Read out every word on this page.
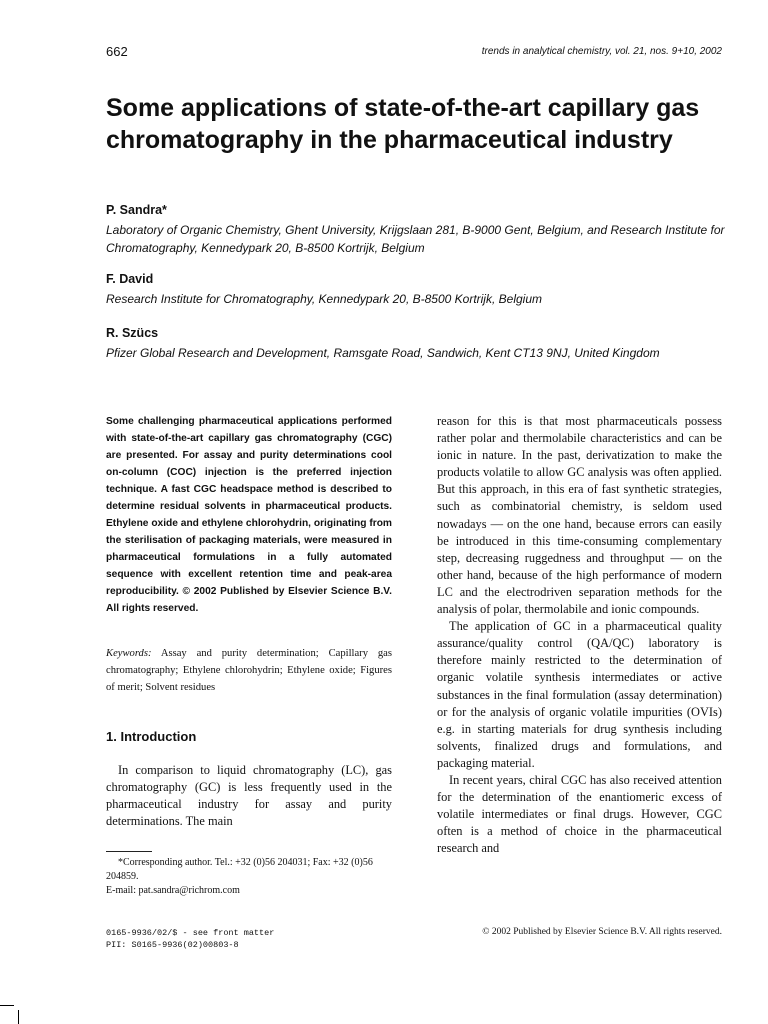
662	trends in analytical chemistry, vol. 21, nos. 9+10, 2002
Some applications of state-of-the-art capillary gas chromatography in the pharmaceutical industry
P. Sandra*
Laboratory of Organic Chemistry, Ghent University, Krijgslaan 281, B-9000 Gent, Belgium, and Research Institute for Chromatography, Kennedypark 20, B-8500 Kortrijk, Belgium
F. David
Research Institute for Chromatography, Kennedypark 20, B-8500 Kortrijk, Belgium
R. Szücs
Pfizer Global Research and Development, Ramsgate Road, Sandwich, Kent CT13 9NJ, United Kingdom
Some challenging pharmaceutical applications performed with state-of-the-art capillary gas chromatography (CGC) are presented. For assay and purity determinations cool on-column (COC) injection is the preferred injection technique. A fast CGC headspace method is described to determine residual solvents in pharmaceutical products. Ethylene oxide and ethylene chlorohydrin, originating from the sterilisation of packaging materials, were measured in pharmaceutical formulations in a fully automated sequence with excellent retention time and peak-area reproducibility. © 2002 Published by Elsevier Science B.V. All rights reserved.
Keywords: Assay and purity determination; Capillary gas chromatography; Ethylene chlorohydrin; Ethylene oxide; Figures of merit; Solvent residues
1. Introduction
In comparison to liquid chromatography (LC), gas chromatography (GC) is less frequently used in the pharmaceutical industry for assay and purity determinations. The main
*Corresponding author. Tel.: +32 (0)56 204031; Fax: +32 (0)56 204859.
E-mail: pat.sandra@richrom.com

reason for this is that most pharmaceuticals possess rather polar and thermolabile characteristics and can be ionic in nature. In the past, derivatization to make the products volatile to allow GC analysis was often applied. But this approach, in this era of fast synthetic strategies, such as combinatorial chemistry, is seldom used nowadays — on the one hand, because errors can easily be introduced in this time-consuming complementary step, decreasing ruggedness and throughput — on the other hand, because of the high performance of modern LC and the electrodriven separation methods for the analysis of polar, thermolabile and ionic compounds.

The application of GC in a pharmaceutical quality assurance/quality control (QA/QC) laboratory is therefore mainly restricted to the determination of organic volatile synthesis intermediates or active substances in the final formulation (assay determination) or for the analysis of organic volatile impurities (OVIs) e.g. in starting materials for drug synthesis including solvents, finalized drugs and formulations, and packaging material.

In recent years, chiral CGC has also received attention for the determination of the enantiomeric excess of volatile intermediates or final drugs. However, CGC often is a method of choice in the pharmaceutical research and

0165-9936/02/$ - see front matter
PII: S0165-9936(02)00803-8
© 2002 Published by Elsevier Science B.V. All rights reserved.
